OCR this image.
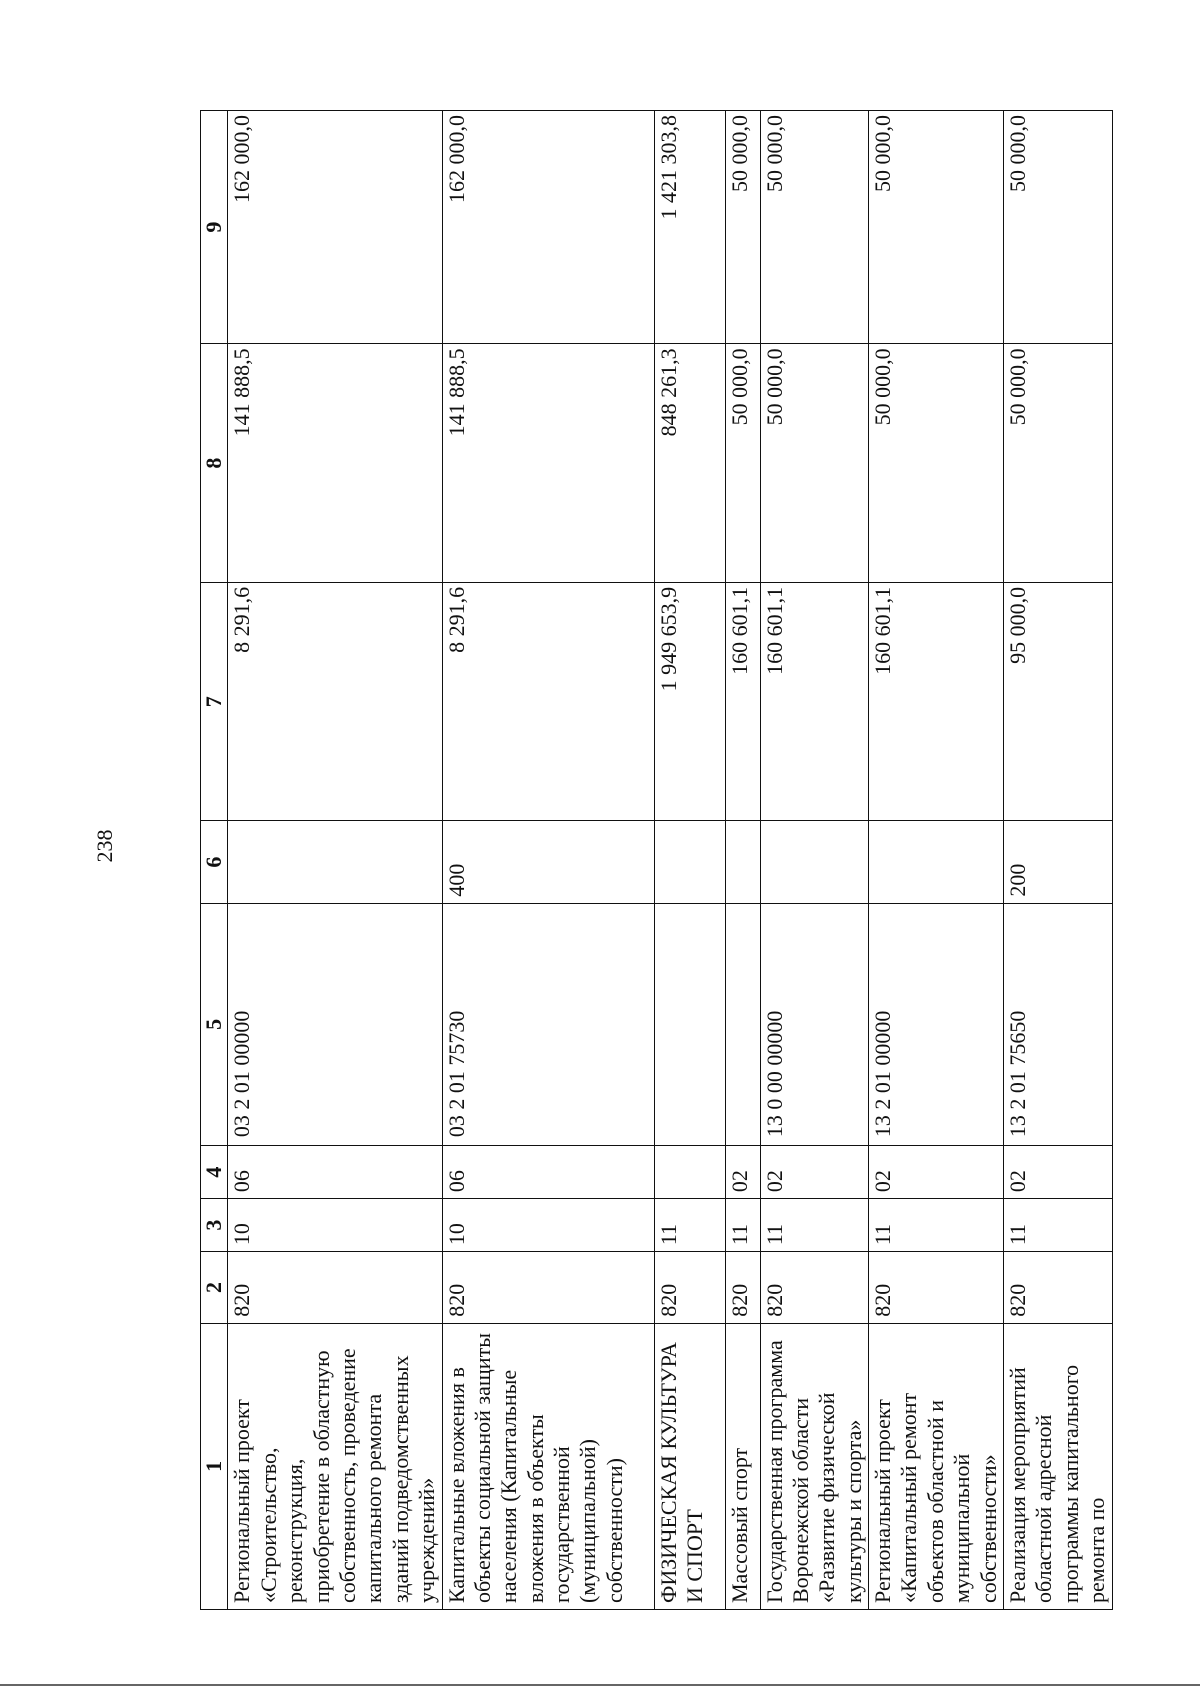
238
1	2	3	4	5	6	7	8	9
Региональный проект «Строительство, реконструкция, приобретение в областную собственность, проведение капитального ремонта зданий подведомственных учреждений»	820	10	06	03 2 01 00000		8 291,6	141 888,5	162 000,0
Капитальные вложения в объекты социальной защиты населения (Капитальные вложения в объекты государственной (муниципальной) собственности)	820	10	06	03 2 01 75730	400	8 291,6	141 888,5	162 000,0
ФИЗИЧЕСКАЯ КУЛЬТУРА И СПОРТ	820	11				1 949 653,9	848 261,3	1 421 303,8
Массовый спорт	820	11	02			160 601,1	50 000,0	50 000,0
Государственная программа Воронежской области «Развитие физической культуры и спорта»	820	11	02	13 0 00 00000		160 601,1	50 000,0	50 000,0
Региональный проект «Капитальный ремонт объектов областной и муниципальной собственности»	820	11	02	13 2 01 00000		160 601,1	50 000,0	50 000,0
Реализация мероприятий областной адресной программы капитального ремонта по	820	11	02	13 2 01 75650	200	95 000,0	50 000,0	50 000,0
